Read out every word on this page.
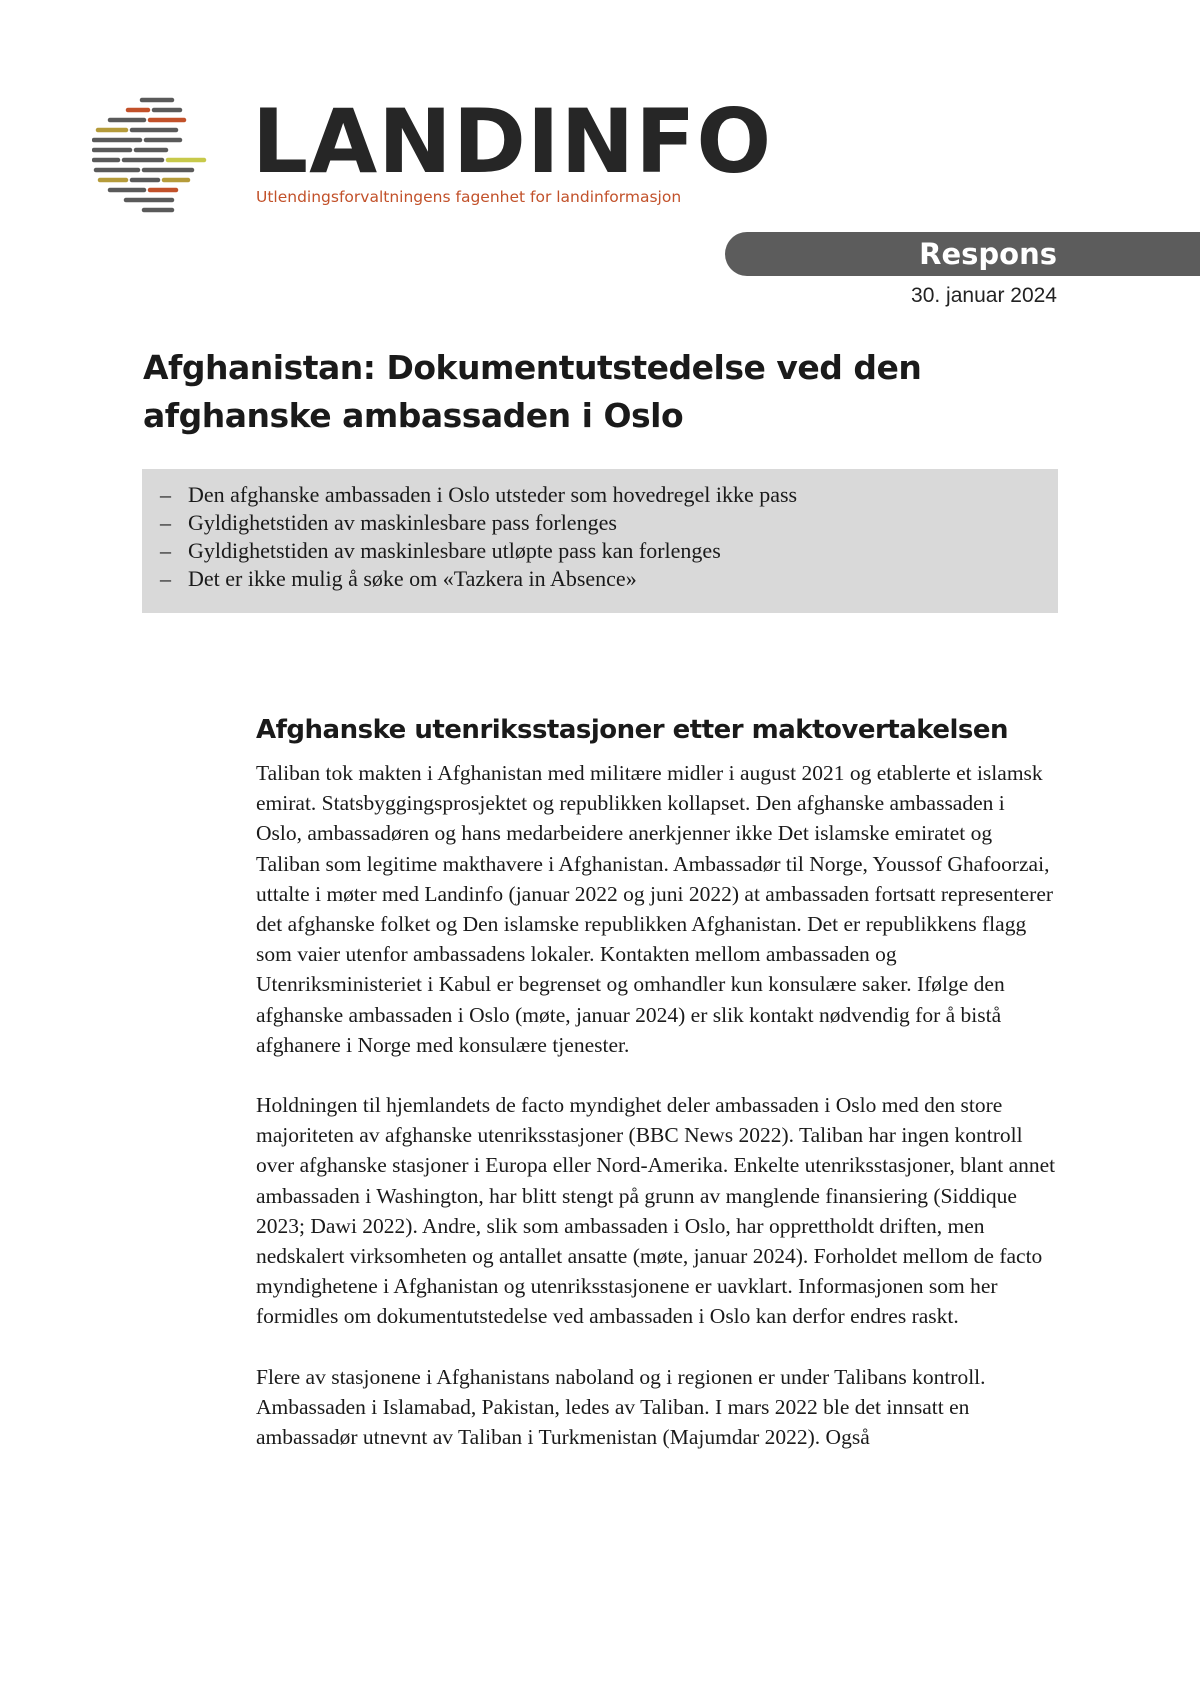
LANDINFO
Utlendingsforvaltningens fagenhet for landinformasjon
Respons
30. januar 2024
Afghanistan: Dokumentutstedelse ved den afghanske ambassaden i Oslo
– Den afghanske ambassaden i Oslo utsteder som hovedregel ikke pass
– Gyldighetstiden av maskinlesbare pass forlenges
– Gyldighetstiden av maskinlesbare utløpte pass kan forlenges
– Det er ikke mulig å søke om «Tazkera in Absence»
Afghanske utenriksstasjoner etter maktovertakelsen

Taliban tok makten i Afghanistan med militære midler i august 2021 og etablerte et islamsk emirat. Statsbyggingsprosjektet og republikken kollapset. Den afghanske ambassaden i Oslo, ambassadøren og hans medarbeidere anerkjenner ikke Det islamske emiratet og Taliban som legitime makthavere i Afghanistan. Ambassadør til Norge, Youssof Ghafoorzai, uttalte i møter med Landinfo (januar 2022 og juni 2022) at ambassaden fortsatt representerer det afghanske folket og Den islamske republikken Afghanistan. Det er republikkens flagg som vaier utenfor ambassadens lokaler. Kontakten mellom ambassaden og Utenriksministeriet i Kabul er begrenset og omhandler kun konsulære saker. Ifølge den afghanske ambassaden i Oslo (møte, januar 2024) er slik kontakt nødvendig for å bistå afghanere i Norge med konsulære tjenester.

Holdningen til hjemlandets de facto myndighet deler ambassaden i Oslo med den store majoriteten av afghanske utenriksstasjoner (BBC News 2022). Taliban har ingen kontroll over afghanske stasjoner i Europa eller Nord-Amerika. Enkelte utenriksstasjoner, blant annet ambassaden i Washington, har blitt stengt på grunn av manglende finansiering (Siddique 2023; Dawi 2022). Andre, slik som ambassaden i Oslo, har opprettholdt driften, men nedskalert virksomheten og antallet ansatte (møte, januar 2024). Forholdet mellom de facto myndighetene i Afghanistan og utenriksstasjonene er uavklart. Informasjonen som her formidles om dokumentutstedelse ved ambassaden i Oslo kan derfor endres raskt.

Flere av stasjonene i Afghanistans naboland og i regionen er under Talibans kontroll. Ambassaden i Islamabad, Pakistan, ledes av Taliban. I mars 2022 ble det innsatt en ambassadør utnevnt av Taliban i Turkmenistan (Majumdar 2022). Også
